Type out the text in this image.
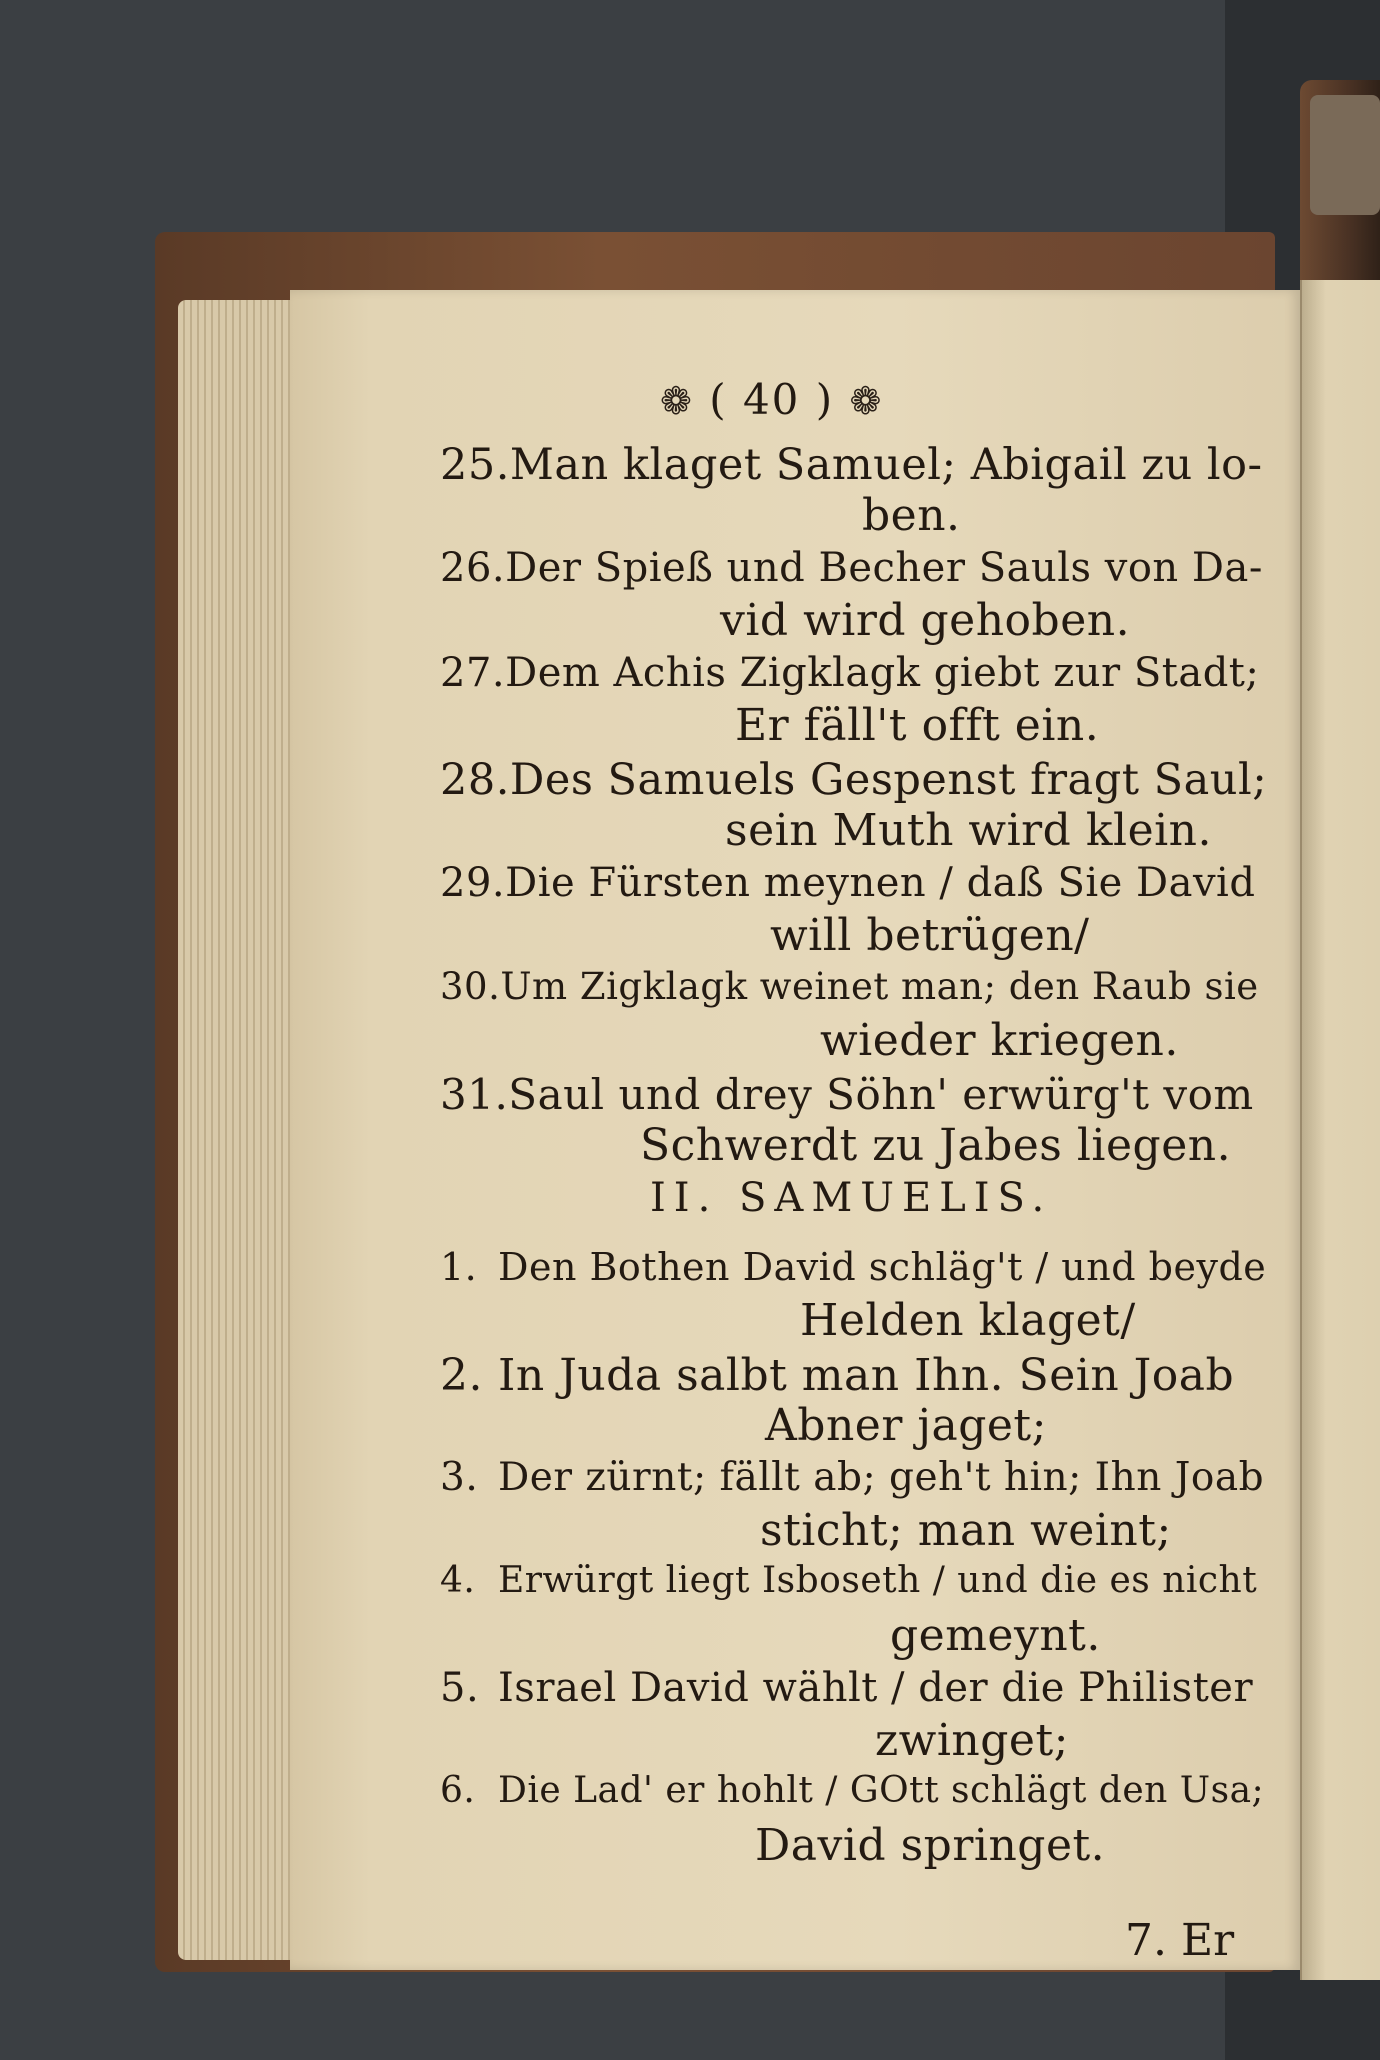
❁ ( 40 ) ❁
25.Man klaget Samuel; Abigail zu lo-
ben.
26.Der Spieß und Becher Sauls von Da-
vid wird gehoben.
27.Dem Achis Zigklagk giebt zur Stadt;
Er fäll't offt ein.
28.Des Samuels Gespenst fragt Saul;
sein Muth wird klein.
29.Die Fürsten meynen / daß Sie David
will betrügen/
30.Um Zigklagk weinet man; den Raub sie
wieder kriegen.
31.Saul und drey Söhn' erwürg't vom
Schwerdt zu Jabes liegen.
II. SAMUELIS.
1. Den Bothen David schläg't / und beyde
Helden klaget/
2. In Juda salbt man Ihn. Sein Joab
Abner jaget;
3. Der zürnt; fällt ab; geh't hin; Ihn Joab
sticht; man weint;
4. Erwürgt liegt Isboseth / und die es nicht
gemeynt.
5. Israel David wählt / der die Philister
zwinget;
6. Die Lad' er hohlt / GOtt schlägt den Usa;
David springet.
7. Er
